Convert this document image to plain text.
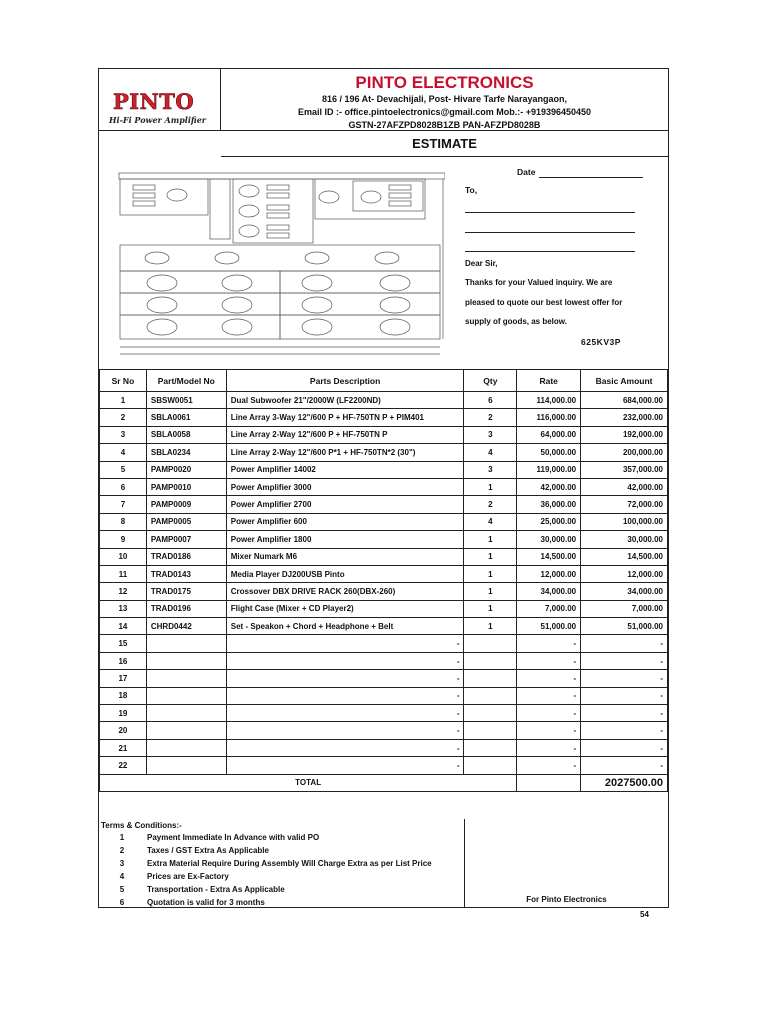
PINTO
Hi-Fi Power Amplifier
PINTO ELECTRONICS
816 / 196 At- Devachijali, Post- Hivare Tarfe Narayangaon,
Email ID :- office.pintoelectronics@gmail.com Mob.:- +919396450450
GSTN-27AFZPD8028B1ZB PAN-AFZPD8028B
ESTIMATE
Date
To,
Dear Sir,
Thanks for your Valued inquiry. We are
pleased to quote our best lowest offer for
supply of goods, as below.
625KV3P
Sr No	Part/Model No	Parts Description	Qty	Rate	Basic Amount
1	SBSW0051	Dual Subwoofer 21"/2000W (LF2200ND)	6	114,000.00	684,000.00
2	SBLA0061	Line Array 3-Way 12"/600 P + HF-750TN P + PIM401	2	116,000.00	232,000.00
3	SBLA0058	Line Array 2-Way 12"/600 P + HF-750TN P	3	64,000.00	192,000.00
4	SBLA0234	Line Array 2-Way 12"/600 P*1 + HF-750TN*2 (30")	4	50,000.00	200,000.00
5	PAMP0020	Power Amplifier 14002	3	119,000.00	357,000.00
6	PAMP0010	Power Amplifier 3000	1	42,000.00	42,000.00
7	PAMP0009	Power Amplifier 2700	2	36,000.00	72,000.00
8	PAMP0005	Power Amplifier 600	4	25,000.00	100,000.00
9	PAMP0007	Power Amplifier 1800	1	30,000.00	30,000.00
10	TRAD0186	Mixer Numark M6	1	14,500.00	14,500.00
11	TRAD0143	Media Player DJ200USB Pinto	1	12,000.00	12,000.00
12	TRAD0175	Crossover DBX DRIVE RACK 260(DBX-260)	1	34,000.00	34,000.00
13	TRAD0196	Flight Case (Mixer + CD Player2)	1	7,000.00	7,000.00
14	CHRD0442	Set - Speakon + Chord + Headphone + Belt	1	51,000.00	51,000.00
15		-		-	-
16		-		-	-
17		-		-	-
18		-		-	-
19		-		-	-
20		-		-	-
21		-		-	-
22		-		-	-
TOTAL					2027500.00
Terms & Conditions:-
1	Payment Immediate In Advance with valid PO
2	Taxes / GST Extra As Applicable
3	Extra Material Require During Assembly Will Charge Extra as per List Price
4	Prices are Ex-Factory
5	Transportation - Extra As Applicable
6	Quotation is valid for 3 months	For Pinto Electronics
54
